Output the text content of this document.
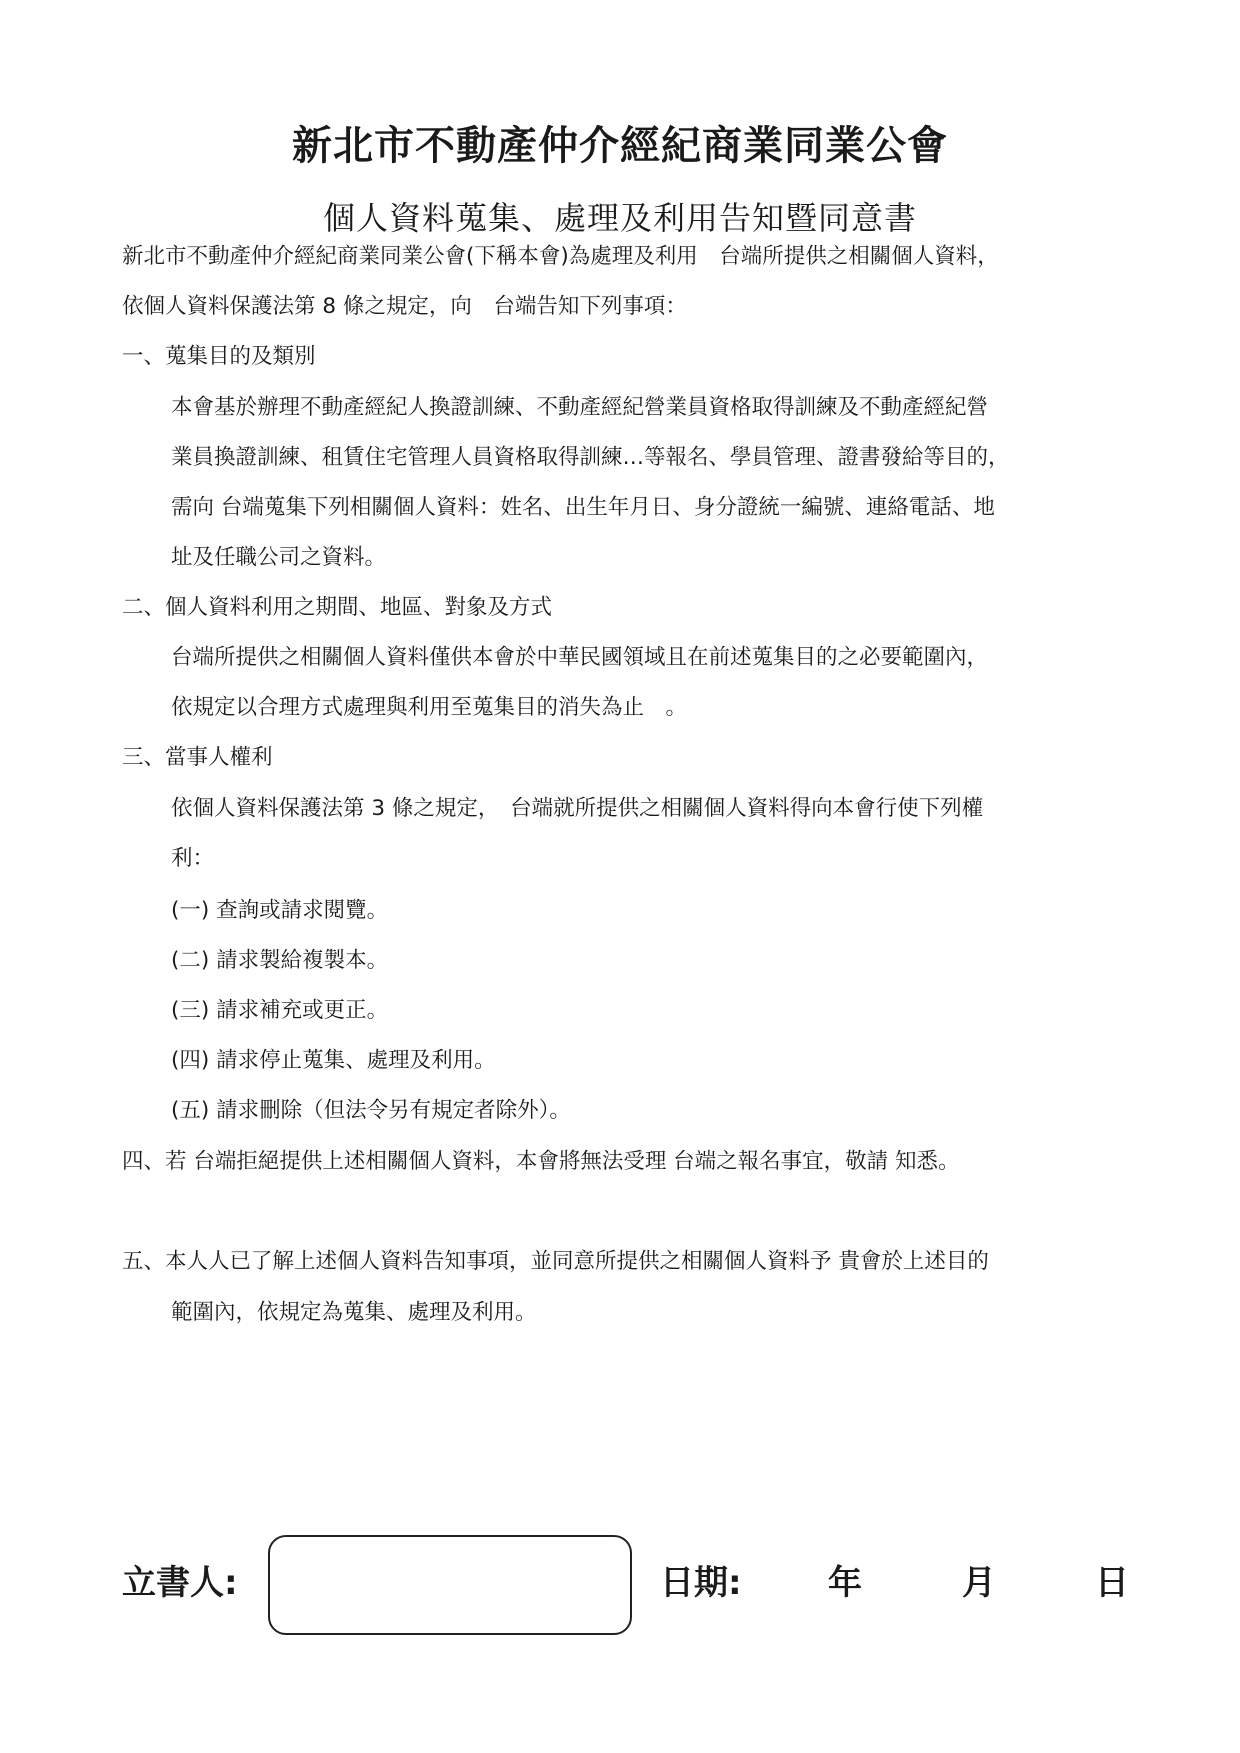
新北市不動產仲介經紀商業同業公會
個人資料蒐集、處理及利用告知暨同意書
新北市不動產仲介經紀商業同業公會(下稱本會)為處理及利用　台端所提供之相關個人資料，
依個人資料保護法第 8 條之規定，向　台端告知下列事項：
一、蒐集目的及類別
本會基於辦理不動產經紀人換證訓練、不動產經紀營業員資格取得訓練及不動產經紀營
業員換證訓練、租賃住宅管理人員資格取得訓練…等報名、學員管理、證書發給等目的，
需向 台端蒐集下列相關個人資料：姓名、出生年月日、身分證統一編號、連絡電話、地
址及任職公司之資料。
二、個人資料利用之期間、地區、對象及方式
台端所提供之相關個人資料僅供本會於中華民國領域且在前述蒐集目的之必要範圍內，
依規定以合理方式處理與利用至蒐集目的消失為止　。
三、當事人權利
依個人資料保護法第 3 條之規定，　台端就所提供之相關個人資料得向本會行使下列權
利：
(一) 查詢或請求閱覽。
(二) 請求製給複製本。
(三) 請求補充或更正。
(四) 請求停止蒐集、處理及利用。
(五) 請求刪除（但法令另有規定者除外）。
四、若 台端拒絕提供上述相關個人資料，本會將無法受理 台端之報名事宜，敬請 知悉。
五、本人人已了解上述個人資料告知事項，並同意所提供之相關個人資料予 貴會於上述目的
範圍內，依規定為蒐集、處理及利用。
立書人:	日期:	年	月	日
